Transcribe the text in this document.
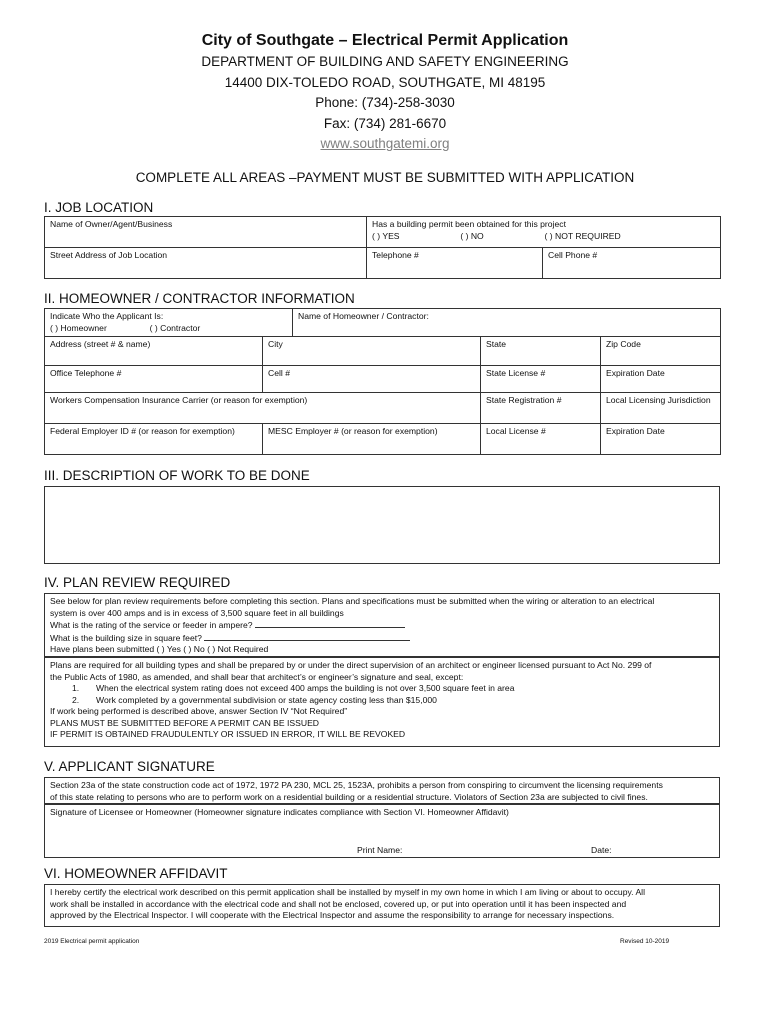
City of Southgate – Electrical Permit Application
DEPARTMENT OF BUILDING AND SAFETY ENGINEERING
14400 DIX-TOLEDO ROAD, SOUTHGATE, MI 48195
Phone: (734)-258-3030
Fax: (734) 281-6670
www.southgatemi.org
COMPLETE ALL AREAS –PAYMENT MUST BE SUBMITTED WITH APPLICATION
I. JOB LOCATION
Name of Owner/Agent/Business	Has a building permit been obtained for this project
( ) YES ( ) NO ( ) NOT REQUIRED	

Street Address of Job Location	Telephone #	Cell Phone #
II. HOMEOWNER / CONTRACTOR INFORMATION
Indicate Who the Applicant Is:
( ) Homeowner	( ) Contractor
	Name of Homeowner / Contractor:
Address (street # & name)	City	State	Zip Code
Office Telephone #	Cell #	State License #	Expiration Date
Workers Compensation Insurance Carrier (or reason for exemption)		State Registration #	Local Licensing Jurisdiction
Federal Employer ID # (or reason for exemption)	MESC Employer # (or reason for exemption)	Local License #	Expiration Date
III. DESCRIPTION OF WORK TO BE DONE
IV. PLAN REVIEW REQUIRED
See below for plan review requirements before completing this section. Plans and specifications must be submitted when the wiring or alteration to an electrical
system is over 400 amps and is in excess of 3,500 square feet in all buildings
What is the rating of the service or feeder in ampere?
What is the building size in square feet?
Have plans been submitted ( ) Yes ( ) No ( ) Not Required
Plans are required for all building types and shall be prepared by or under the direct supervision of an architect or engineer licensed pursuant to Act No. 299 of
the Public Acts of 1980, as amended, and shall bear that architect’s or engineer’s signature and seal, except:
1. When the electrical system rating does not exceed 400 amps the building is not over 3,500 square feet in area
2. Work completed by a governmental subdivision or state agency costing less than $15,000
If work being performed is described above, answer Section IV “Not Required”
PLANS MUST BE SUBMITTED BEFORE A PERMIT CAN BE ISSUED
IF PERMIT IS OBTAINED FRAUDULENTLY OR ISSUED IN ERROR, IT WILL BE REVOKED
V. APPLICANT SIGNATURE
Section 23a of the state construction code act of 1972, 1972 PA 230, MCL 25, 1523A, prohibits a person from conspiring to circumvent the licensing requirements
of this state relating to persons who are to perform work on a residential building or a residential structure. Violators of Section 23a are subjected to civil fines.
Signature of Licensee or Homeowner (Homeowner signature indicates compliance with Section VI. Homeowner Affidavit)
Print Name:	Date:
VI. HOMEOWNER AFFIDAVIT
I hereby certify the electrical work described on this permit application shall be installed by myself in my own home in which I am living or about to occupy. All
work shall be installed in accordance with the electrical code and shall not be enclosed, covered up, or put into operation until it has been inspected and
approved by the Electrical Inspector. I will cooperate with the Electrical Inspector and assume the responsibility to arrange for necessary inspections.
2019 Electrical permit application	Revised 10-2019
